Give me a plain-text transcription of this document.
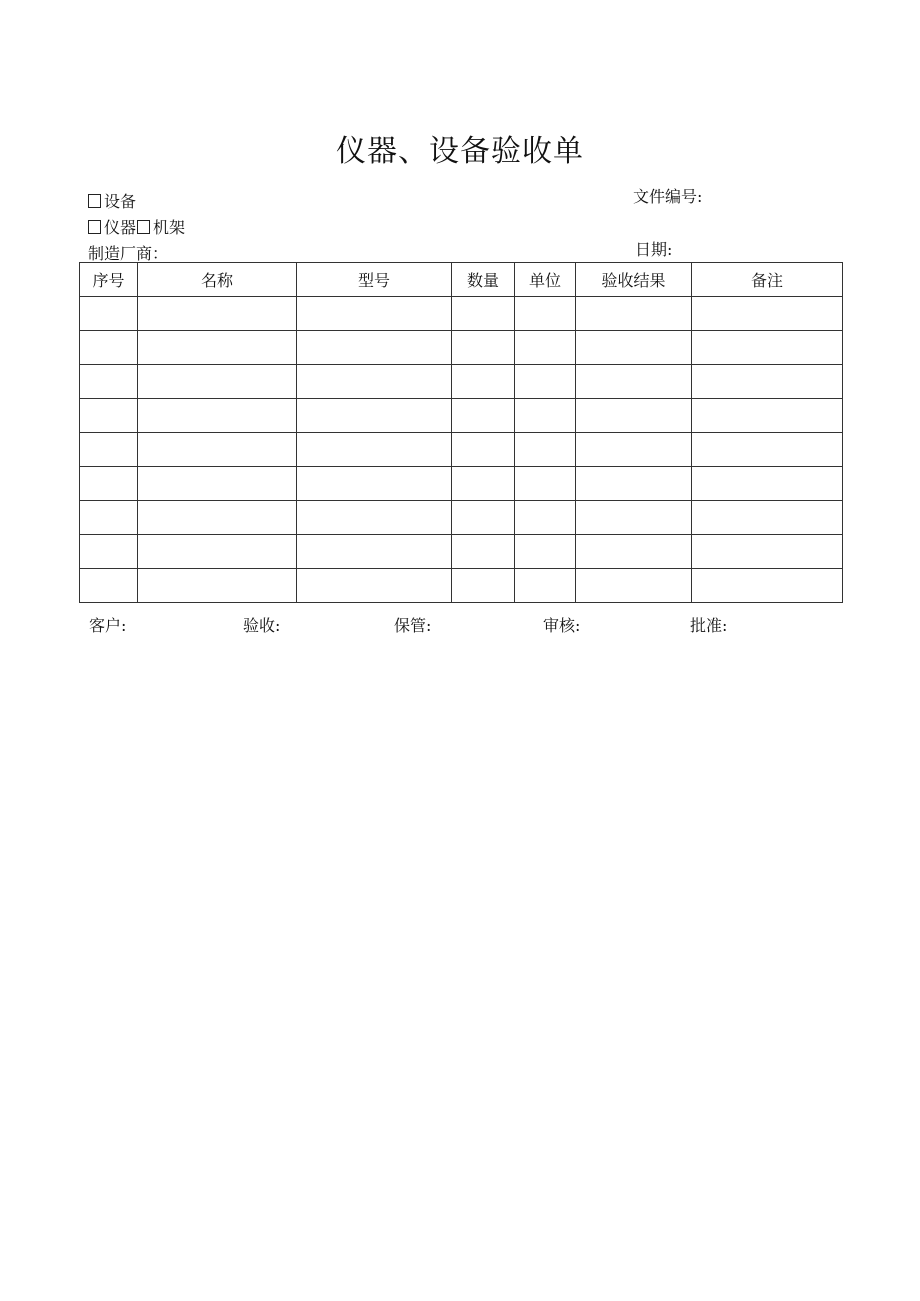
仪器、设备验收单
设备
仪器 机架
制造厂商：
文件编号:
日期:
序号	名称	型号	数量	单位	验收结果	备注

客户:	验收:	保管:	审核:	批准:
